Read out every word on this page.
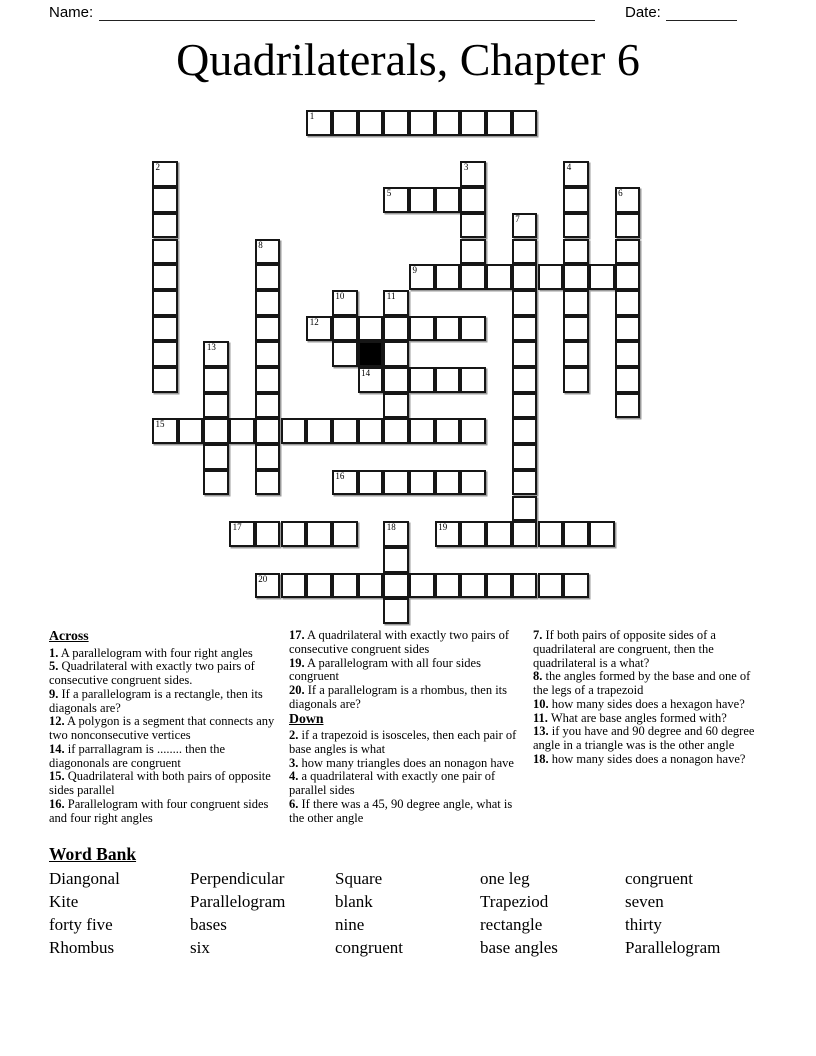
Name:	Date:
Quadrilaterals, Chapter 6
1
2	3	4
5	6
7
8
9
10	11
12
13
14
15
16
17	18	19
20
Across
1. A parallelogram with four right angles
5. Quadrilateral with exactly two pairs of consecutive congruent sides.
9. If a parallelogram is a rectangle, then its diagonals are?
12. A polygon is a segment that connects any two nonconsecutive vertices
14. if parrallagram is ........ then the diagononals are congruent
15. Quadrilateral with both pairs of opposite sides parallel
16. Parallelogram with four congruent sides and four right angles
17. A quadrilateral with exactly two pairs of consecutive congruent sides
19. A parallelogram with all four sides congruent
20. If a parallelogram is a rhombus, then its diagonals are?
Down
2. if a trapezoid is isosceles, then each pair of base angles is what
3. how many triangles does an nonagon have
4. a quadrilateral with exactly one pair of parallel sides
6. If there was a 45, 90 degree angle, what is the other angle
7. If both pairs of opposite sides of a quadrilateral are congruent, then the quadrilateral is a what?
8. the angles formed by the base and one of the legs of a trapezoid
10. how many sides does a hexagon have?
11. What are base angles formed with?
13. if you have and 90 degree and 60 degree angle in a triangle was is the other angle
18. how many sides does a nonagon have?
Word Bank
Diangonal	Perpendicular	Square	one leg	congruent
Kite	Parallelogram	blank	Trapeziod	seven
forty five	bases	nine	rectangle	thirty
Rhombus	six	congruent	base angles	Parallelogram
